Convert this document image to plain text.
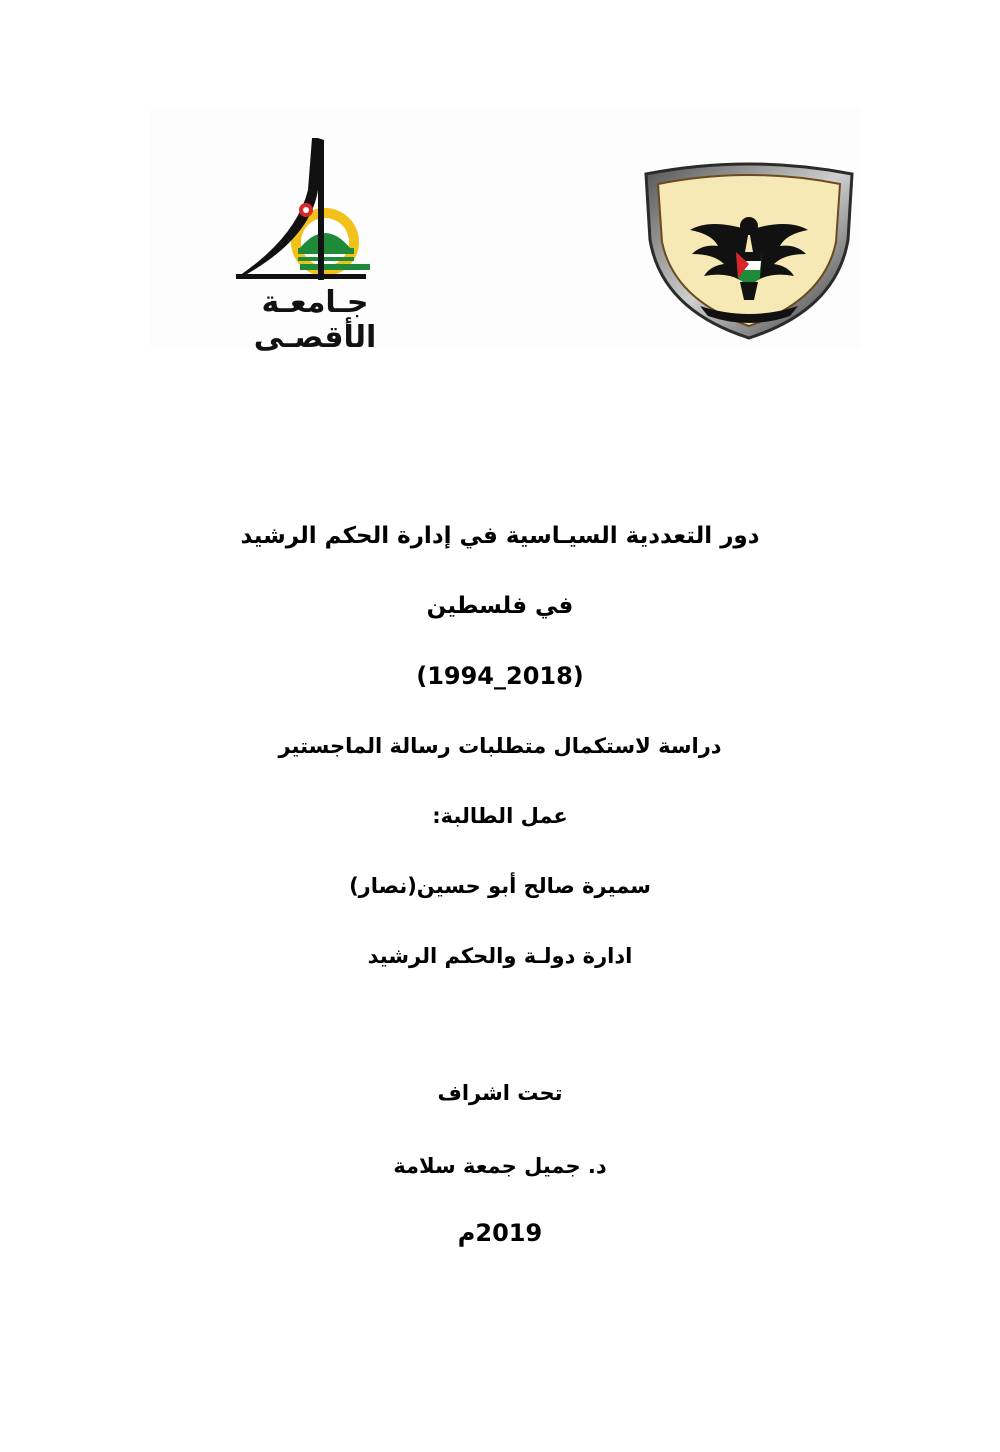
جـامعـة الأقصـى
دور التعددية السيـاسية في إدارة الحكم الرشيد
في فلسطين
(1994_2018)
دراسة لاستكمال متطلبات رسالة الماجستير
عمل الطالبة:
سميرة صالح أبو حسين(نصار)
ادارة دولـة والحكم الرشيد
تحت اشراف
د. جميل جمعة سلامة
2019م
